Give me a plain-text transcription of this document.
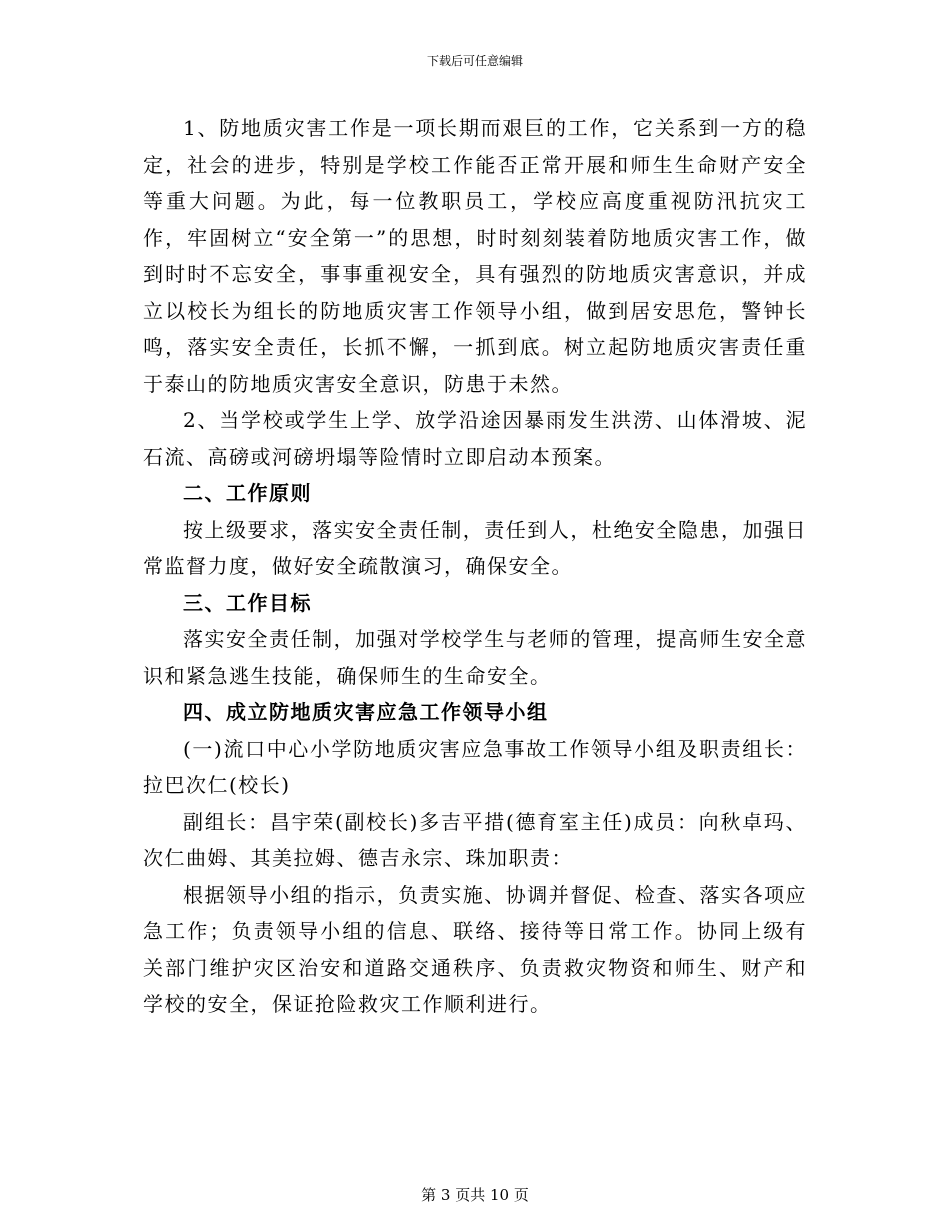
下载后可任意编辑

1、防地质灾害工作是一项长期而艰巨的工作，它关系到一方的稳定，社会的进步，特别是学校工作能否正常开展和师生生命财产安全等重大问题。为此，每一位教职员工，学校应高度重视防汛抗灾工作，牢固树立“安全第一”的思想，时时刻刻装着防地质灾害工作，做到时时不忘安全，事事重视安全，具有强烈的防地质灾害意识，并成立以校长为组长的防地质灾害工作领导小组，做到居安思危，警钟长鸣，落实安全责任，长抓不懈，一抓到底。树立起防地质灾害责任重于泰山的防地质灾害安全意识，防患于未然。

2、当学校或学生上学、放学沿途因暴雨发生洪涝、山体滑坡、泥石流、高磅或河磅坍塌等险情时立即启动本预案。

二、工作原则

按上级要求，落实安全责任制，责任到人，杜绝安全隐患，加强日常监督力度，做好安全疏散演习，确保安全。

三、工作目标

落实安全责任制，加强对学校学生与老师的管理，提高师生安全意识和紧急逃生技能，确保师生的生命安全。

四、成立防地质灾害应急工作领导小组

(一)流口中心小学防地质灾害应急事故工作领导小组及职责组长：拉巴次仁(校长)

副组长：昌宇荣(副校长)多吉平措(德育室主任)成员：向秋卓玛、次仁曲姆、其美拉姆、德吉永宗、珠加职责：

根据领导小组的指示，负责实施、协调并督促、检查、落实各项应急工作；负责领导小组的信息、联络、接待等日常工作。协同上级有关部门维护灾区治安和道路交通秩序、负责救灾物资和师生、财产和学校的安全，保证抢险救灾工作顺利进行。

第 3 页共 10 页
